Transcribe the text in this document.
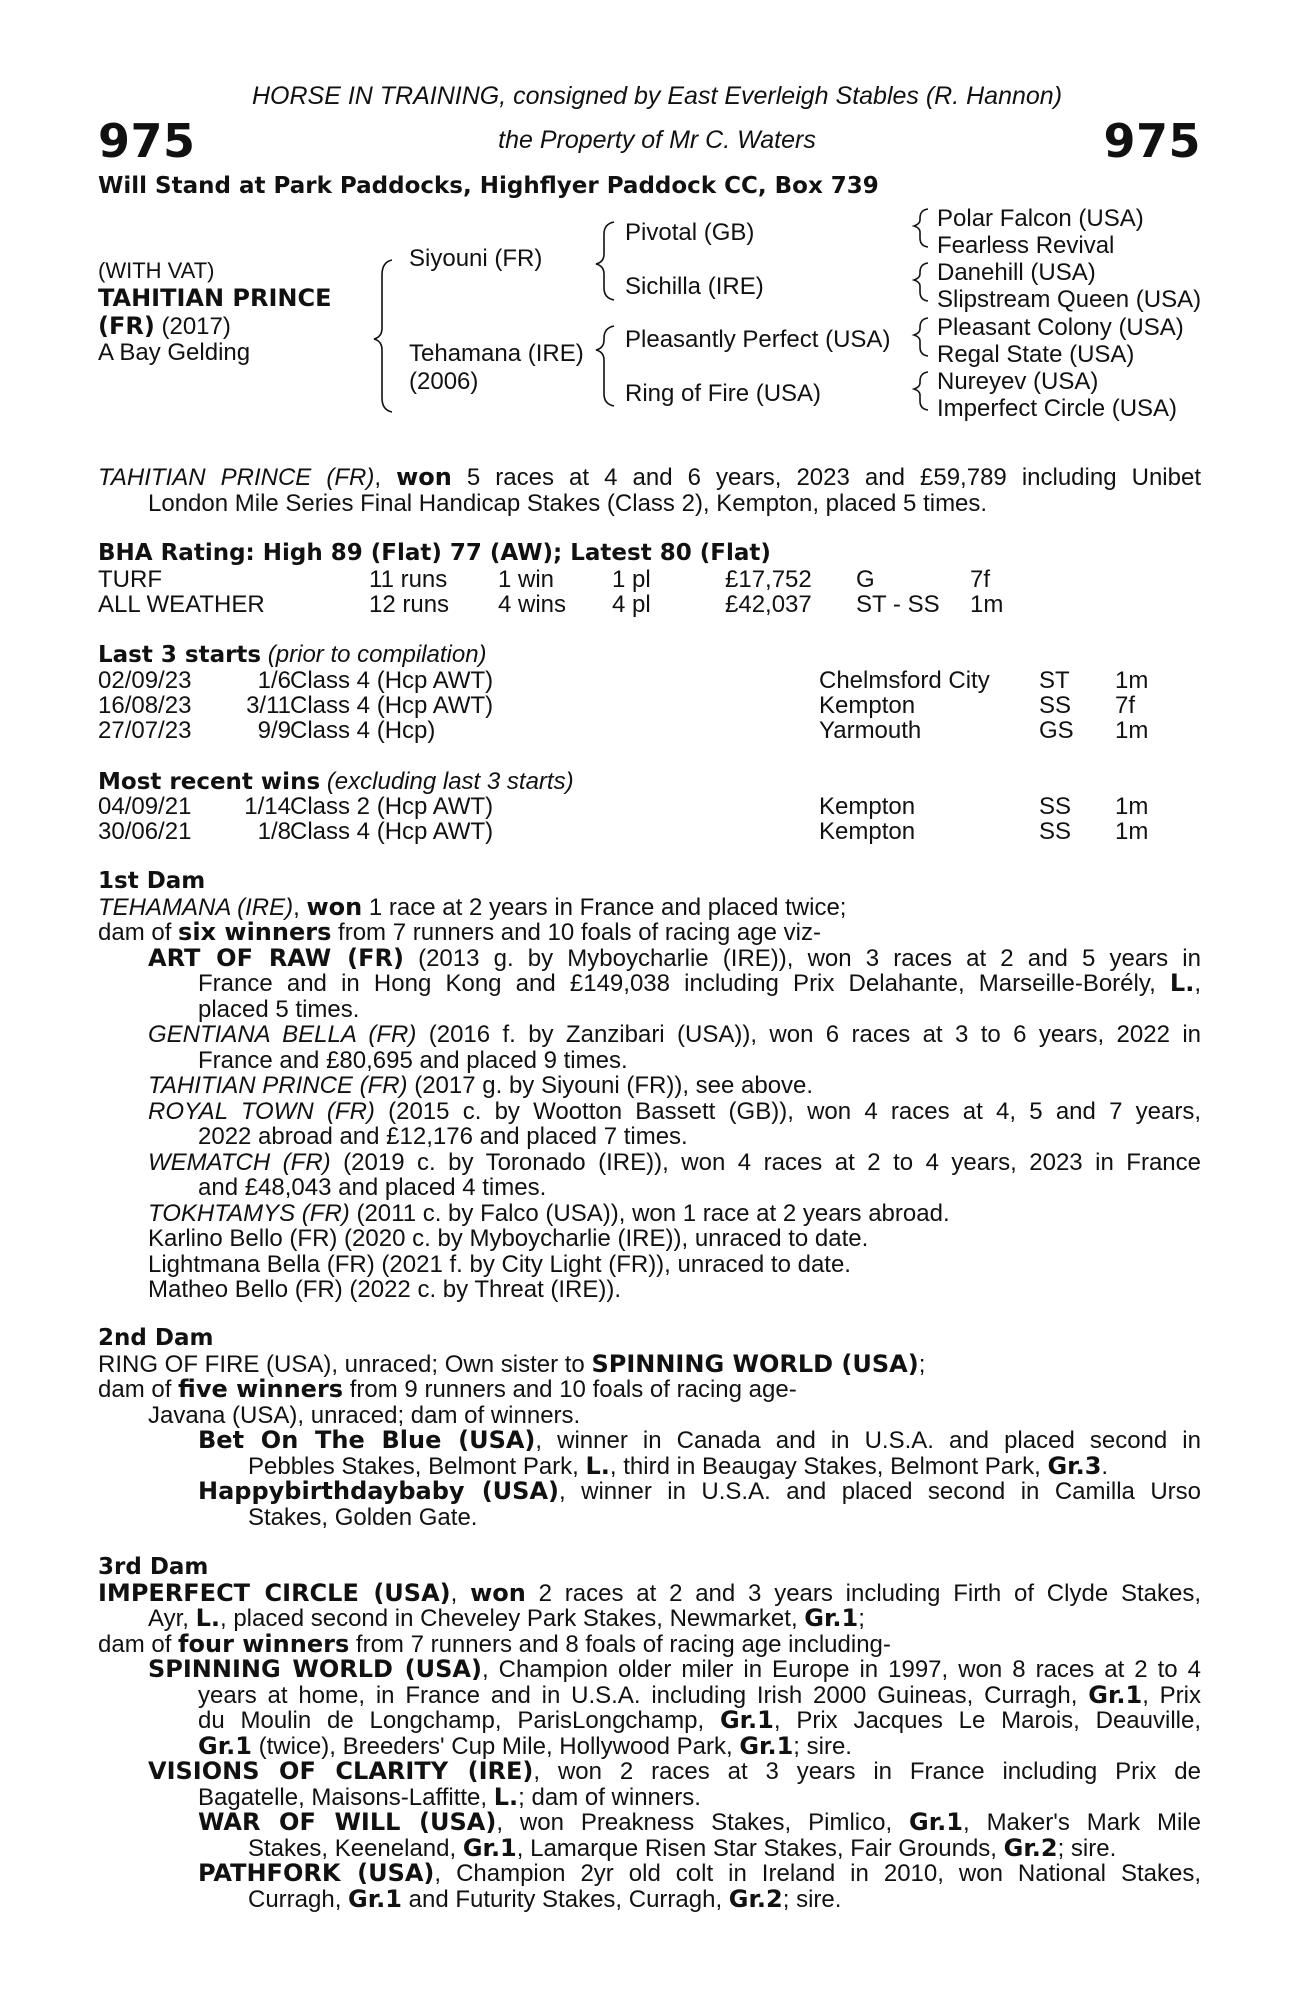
975	975
HORSE IN TRAINING, consigned by East Everleigh Stables (R. Hannon)
the Property of Mr C. Waters
Will Stand at Park Paddocks, Highflyer Paddock CC, Box 739
(WITH VAT)
TAHITIAN PRINCE
(FR) (2017)
A Bay Gelding
Siyouni (FR)
Tehamana (IRE)
(2006)
Pivotal (GB)
Sichilla (IRE)
Pleasantly Perfect (USA)
Ring of Fire (USA)
Polar Falcon (USA)
Fearless Revival
Danehill (USA)
Slipstream Queen (USA)
Pleasant Colony (USA)
Regal State (USA)
Nureyev (USA)
Imperfect Circle (USA)
TAHITIAN PRINCE (FR), won 5 races at 4 and 6 years, 2023 and £59,789 including Unibet
London Mile Series Final Handicap Stakes (Class 2), Kempton, placed 5 times.
BHA Rating: High 89 (Flat) 77 (AW); Latest 80 (Flat)
TURF	11 runs 1 win 1 pl	£17,752 G	7f
ALL WEATHER	12 runs 4 wins 4 pl	£42,037 ST - SS 1m
Last 3 starts (prior to compilation)
02/09/23	1/6 Class 4 (Hcp AWT)	Chelmsford City ST 1m
16/08/23	3/11 Class 4 (Hcp AWT)	Kempton	SS 7f
27/07/23	9/9 Class 4 (Hcp)	Yarmouth	GS 1m
Most recent wins (excluding last 3 starts)
04/09/21	1/14 Class 2 (Hcp AWT)	Kempton	SS 1m
30/06/21	1/8 Class 4 (Hcp AWT)	Kempton	SS 1m
1st Dam
TEHAMANA (IRE), won 1 race at 2 years in France and placed twice;
dam of six winners from 7 runners and 10 foals of racing age viz-
ART OF RAW (FR) (2013 g. by Myboycharlie (IRE)), won 3 races at 2 and 5 years in
France and in Hong Kong and £149,038 including Prix Delahante, Marseille-Borély, L.,
placed 5 times.
GENTIANA BELLA (FR) (2016 f. by Zanzibari (USA)), won 6 races at 3 to 6 years, 2022 in
France and £80,695 and placed 9 times.
TAHITIAN PRINCE (FR) (2017 g. by Siyouni (FR)), see above.
ROYAL TOWN (FR) (2015 c. by Wootton Bassett (GB)), won 4 races at 4, 5 and 7 years,
2022 abroad and £12,176 and placed 7 times.
WEMATCH (FR) (2019 c. by Toronado (IRE)), won 4 races at 2 to 4 years, 2023 in France
and £48,043 and placed 4 times.
TOKHTAMYS (FR) (2011 c. by Falco (USA)), won 1 race at 2 years abroad.
Karlino Bello (FR) (2020 c. by Myboycharlie (IRE)), unraced to date.
Lightmana Bella (FR) (2021 f. by City Light (FR)), unraced to date.
Matheo Bello (FR) (2022 c. by Threat (IRE)).
2nd Dam
RING OF FIRE (USA), unraced; Own sister to SPINNING WORLD (USA);
dam of five winners from 9 runners and 10 foals of racing age-
Javana (USA), unraced; dam of winners.
Bet On The Blue (USA), winner in Canada and in U.S.A. and placed second in
Pebbles Stakes, Belmont Park, L., third in Beaugay Stakes, Belmont Park, Gr.3.
Happybirthdaybaby (USA), winner in U.S.A. and placed second in Camilla Urso
Stakes, Golden Gate.
3rd Dam
IMPERFECT CIRCLE (USA), won 2 races at 2 and 3 years including Firth of Clyde Stakes,
Ayr, L., placed second in Cheveley Park Stakes, Newmarket, Gr.1;
dam of four winners from 7 runners and 8 foals of racing age including-
SPINNING WORLD (USA), Champion older miler in Europe in 1997, won 8 races at 2 to 4
years at home, in France and in U.S.A. including Irish 2000 Guineas, Curragh, Gr.1, Prix
du Moulin de Longchamp, ParisLongchamp, Gr.1, Prix Jacques Le Marois, Deauville,
Gr.1 (twice), Breeders' Cup Mile, Hollywood Park, Gr.1; sire.
VISIONS OF CLARITY (IRE), won 2 races at 3 years in France including Prix de
Bagatelle, Maisons-Laffitte, L.; dam of winners.
WAR OF WILL (USA), won Preakness Stakes, Pimlico, Gr.1, Maker's Mark Mile
Stakes, Keeneland, Gr.1, Lamarque Risen Star Stakes, Fair Grounds, Gr.2; sire.
PATHFORK (USA), Champion 2yr old colt in Ireland in 2010, won National Stakes,
Curragh, Gr.1 and Futurity Stakes, Curragh, Gr.2; sire.
